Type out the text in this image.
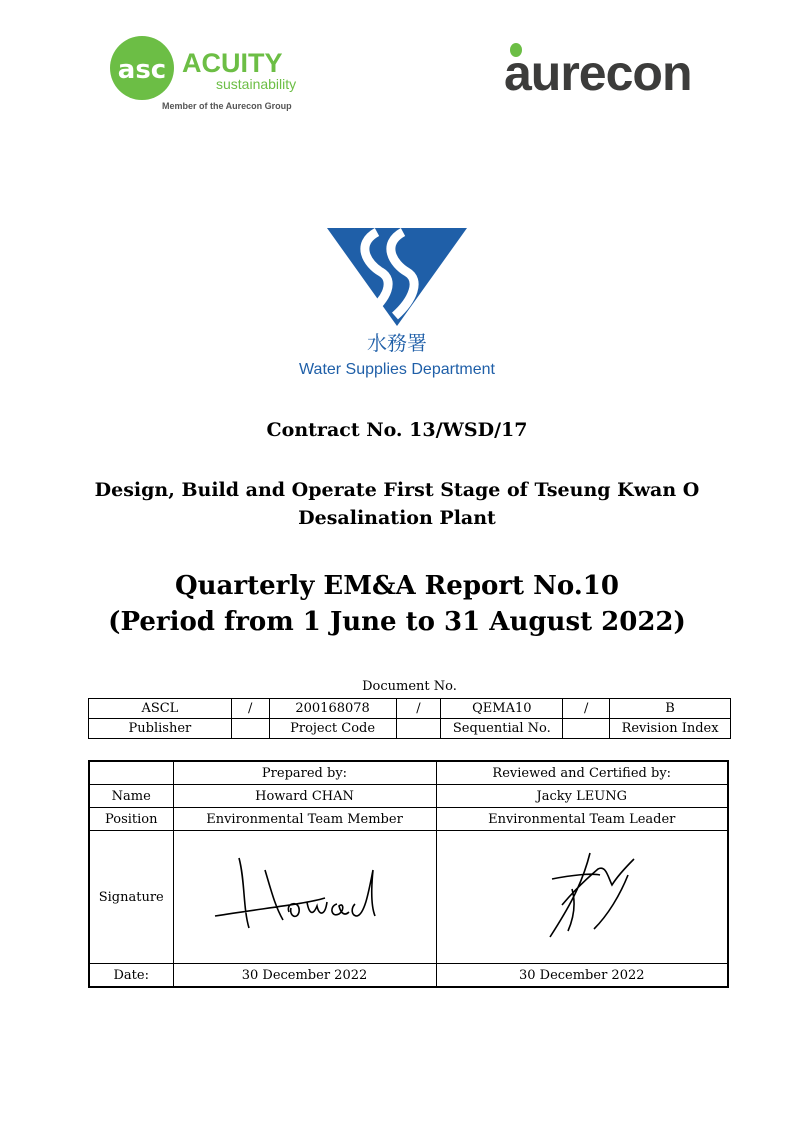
asc ACUITY
sustainability
Member of the Aurecon Group
aurecon
水務署
Water Supplies Department
Contract No. 13/WSD/17
Design, Build and Operate First Stage of Tseung Kwan O
Desalination Plant
Quarterly EM&A Report No.10
(Period from 1 June to 31 August 2022)
Document No.
ASCL	/	200168078	/	QEMA10	/	B
Publisher		Project Code		Sequential No.		Revision Index
	Prepared by:	Reviewed and Certified by:
Name	Howard CHAN	Jacky LEUNG
Position	Environmental Team Member	Environmental Team Leader
Signature		
Date:	30 December 2022	30 December 2022
